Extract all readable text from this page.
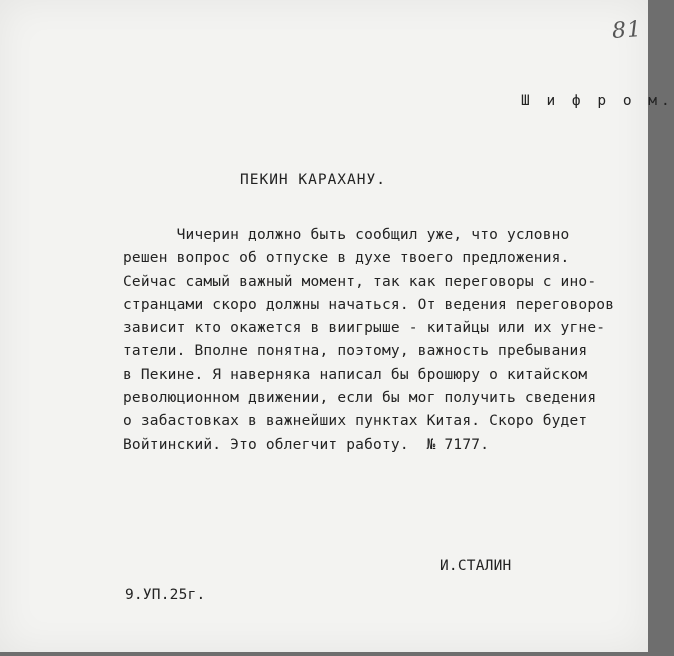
81
Ш и ф р о м.
ПЕКИН КАРАХАНУ.
Чичерин должно быть сообщил уже, что условно
решен вопрос об отпуске в духе твоего предложения.
Сейчас самый важный момент, так как переговоры с ино-
странцами скоро должны начаться. От ведения переговоров
зависит кто окажется в виигрыше - китайцы или их угне-
татели. Вполне понятна, поэтому, важность пребывания
в Пекине. Я наверняка написал бы брошюру о китайском
революционном движении, если бы мог получить сведения
о забастовках в важнейших пунктах Китая. Скоро будет
Войтинский. Это облегчит работу.  № 7177.
И.СТАЛИН
9.УП.25г.
